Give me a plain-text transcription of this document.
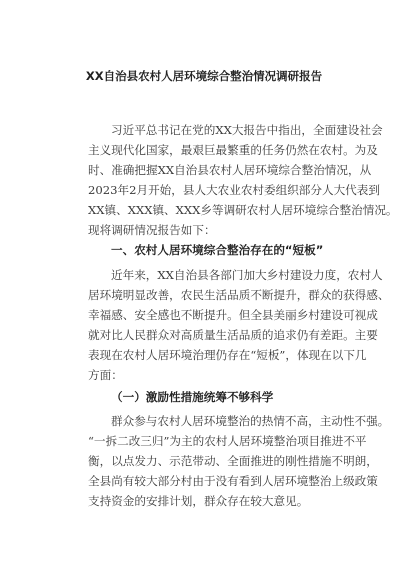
XX自治县农村人居环境综合整治情况调研报告
习近平总书记在党的XX大报告中指出，全面建设社会
主义现代化国家，最艰巨最繁重的任务仍然在农村。为及
时、准确把握XX自治县农村人居环境综合整治情况，从
2023年2月开始，县人大农业农村委组织部分人大代表到
XX镇、XXX镇、XXX乡等调研农村人居环境综合整治情况。
现将调研情况报告如下：
一、农村人居环境综合整治存在的“短板”
近年来，XX自治县各部门加大乡村建设力度，农村人
居环境明显改善，农民生活品质不断提升，群众的获得感、
幸福感、安全感也不断提升。但全县美丽乡村建设可视成
就对比人民群众对高质量生活品质的追求仍有差距。主要
表现在农村人居环境治理仍存在“短板”，体现在以下几
方面：
（一）激励性措施统筹不够科学
群众参与农村人居环境整治的热情不高，主动性不强。
“一拆二改三归”为主的农村人居环境整治项目推进不平
衡，以点发力、示范带动、全面推进的刚性措施不明朗，
全县尚有较大部分村由于没有看到人居环境整治上级政策
支持资金的安排计划，群众存在较大意见。
